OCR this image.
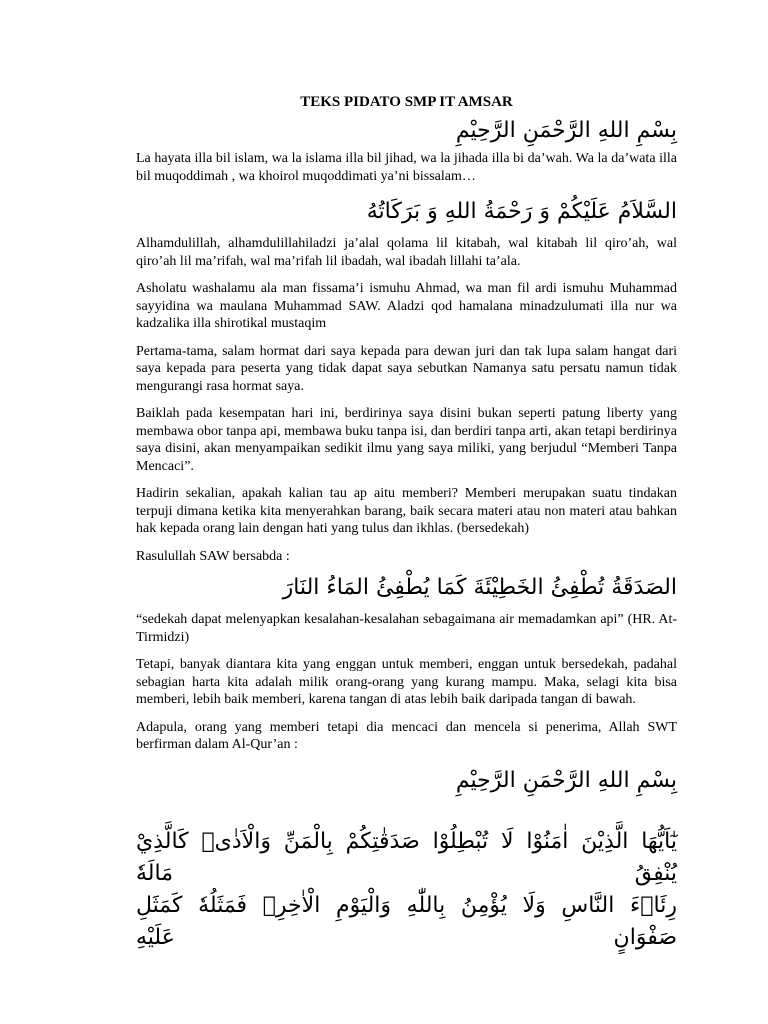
TEKS PIDATO SMP IT AMSAR

بِسْمِ اللهِ الرَّحْمَنِ الرَّحِيْمِ

La hayata illa bil islam, wa la islama illa bil jihad, wa la jihada illa bi da’wah. Wa la da’wata illa bil muqoddimah , wa khoirol muqoddimati ya’ni bissalam…

السَّلاَمُ عَلَيْكُمْ وَ رَحْمَةُ اللهِ وَ بَرَكَاتُهُ

Alhamdulillah, alhamdulillahiladzi ja’alal qolama lil kitabah, wal kitabah lil qiro’ah, wal qiro’ah lil ma’rifah, wal ma’rifah lil ibadah, wal ibadah lillahi ta’ala.

Asholatu washalamu ala man fissama’i ismuhu Ahmad, wa man fil ardi ismuhu Muhammad sayyidina wa maulana Muhammad SAW. Aladzi qod hamalana minadzulumati illa nur wa kadzalika illa shirotikal mustaqim

Pertama-tama, salam hormat dari saya kepada para dewan juri dan tak lupa salam hangat dari saya kepada para peserta yang tidak dapat saya sebutkan Namanya satu persatu namun tidak mengurangi rasa hormat saya.

Baiklah pada kesempatan hari ini, berdirinya saya disini bukan seperti patung liberty yang membawa obor tanpa api, membawa buku tanpa isi, dan berdiri tanpa arti, akan tetapi berdirinya saya disini, akan menyampaikan sedikit ilmu yang saya miliki, yang berjudul “Memberi Tanpa Mencaci”.

Hadirin sekalian, apakah kalian tau ap aitu memberi? Memberi merupakan suatu tindakan terpuji dimana ketika kita menyerahkan barang, baik secara materi atau non materi atau bahkan hak kepada orang lain dengan hati yang tulus dan ikhlas. (bersedekah)

Rasulullah SAW bersabda :

الصَدَقَةُ تُطْفِئُ الخَطِيْئَةَ كَمَا يُطْفِئُ المَاءُ النَارَ

“sedekah dapat melenyapkan kesalahan-kesalahan sebagaimana air memadamkan api” (HR. At-Tirmidzi)

Tetapi, banyak diantara kita yang enggan untuk memberi, enggan untuk bersedekah, padahal sebagian harta kita adalah milik orang-orang yang kurang mampu. Maka, selagi kita bisa memberi, lebih baik memberi, karena tangan di atas lebih baik daripada tangan di bawah.

Adapula, orang yang memberi tetapi dia mencaci dan mencela si penerima, Allah SWT berfirman dalam Al-Qur’an :

بِسْمِ اللهِ الرَّحْمَنِ الرَّحِيْمِ

يٰٓاَيُّهَا الَّذِيْنَ اٰمَنُوْا لَا تُبْطِلُوْا صَدَقٰتِكُمْ بِالْمَنِّ وَالْاَذٰىۙ كَالَّذِيْ يُنْفِقُ مَالَهٗ
رِئَاۤءَ النَّاسِ وَلَا يُؤْمِنُ بِاللّٰهِ وَالْيَوْمِ الْاٰخِرِۗ فَمَثَلُهٗ كَمَثَلِ صَفْوَانٍ عَلَيْهِ
